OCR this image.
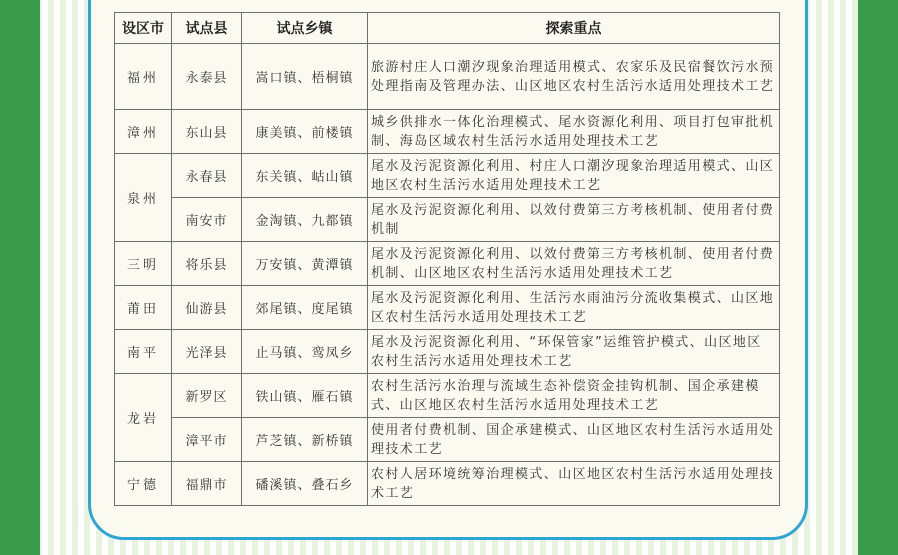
设区市	试点县	试点乡镇	探索重点
福州	永泰县	嵩口镇、梧桐镇	旅游村庄人口潮汐现象治理适用模式、农家乐及民宿餐饮污水预处理指南及管理办法、山区地区农村生活污水适用处理技术工艺
漳州	东山县	康美镇、前楼镇	城乡供排水一体化治理模式、尾水资源化利用、项目打包审批机制、海岛区域农村生活污水适用处理技术工艺
泉州	永春县	东关镇、岵山镇	尾水及污泥资源化利用、村庄人口潮汐现象治理适用模式、山区地区农村生活污水适用处理技术工艺
	南安市	金淘镇、九都镇	尾水及污泥资源化利用、以效付费第三方考核机制、使用者付费机制
三明	将乐县	万安镇、黄潭镇	尾水及污泥资源化利用、以效付费第三方考核机制、使用者付费机制、山区地区农村生活污水适用处理技术工艺
莆田	仙游县	郊尾镇、度尾镇	尾水及污泥资源化利用、生活污水雨油污分流收集模式、山区地区农村生活污水适用处理技术工艺
南平	光泽县	止马镇、鸾凤乡	尾水及污泥资源化利用、“环保管家”运维管护模式、山区地区农村生活污水适用处理技术工艺
龙岩	新罗区	铁山镇、雁石镇	农村生活污水治理与流域生态补偿资金挂钩机制、国企承建模式、山区地区农村生活污水适用处理技术工艺
	漳平市	芦芝镇、新桥镇	使用者付费机制、国企承建模式、山区地区农村生活污水适用处理技术工艺
宁德	福鼎市	磻溪镇、叠石乡	农村人居环境统筹治理模式、山区地区农村生活污水适用处理技术工艺
